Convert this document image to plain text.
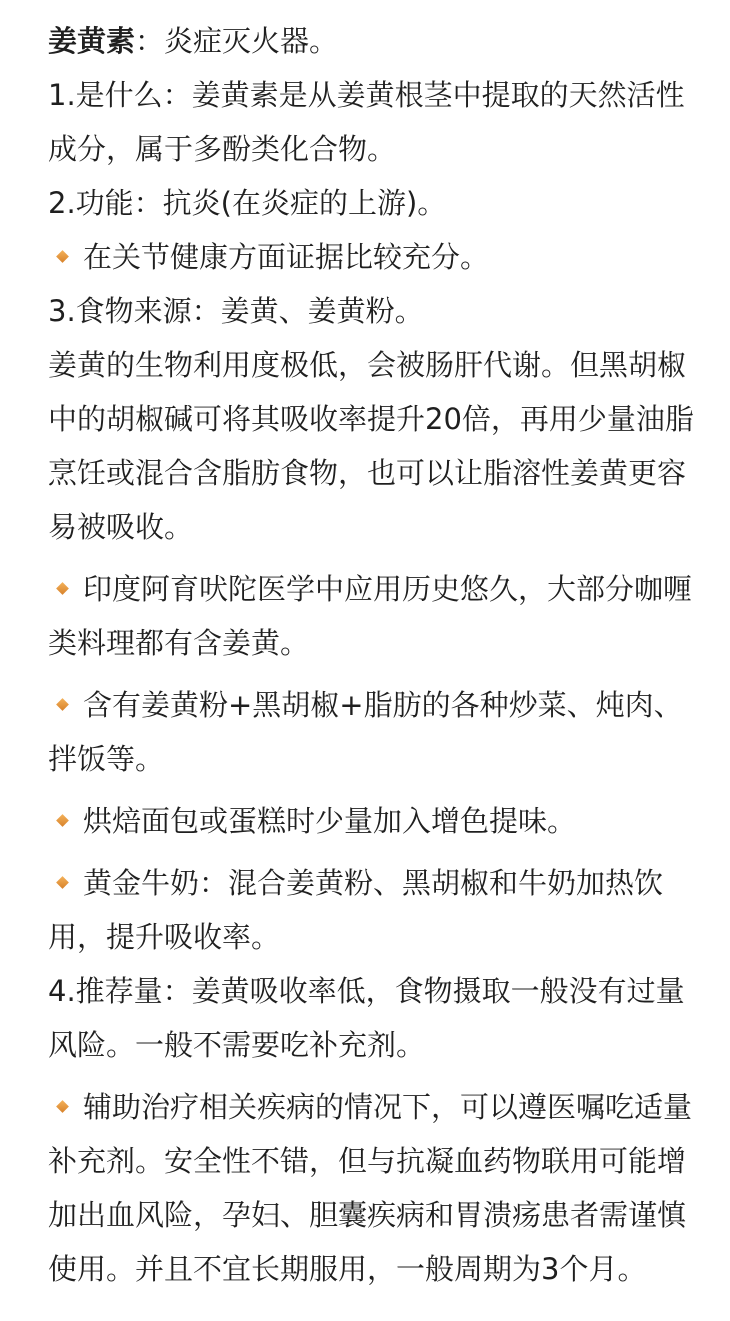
姜黄素：炎症灭火器。

1.是什么：姜黄素是从姜黄根茎中提取的天然活性成分，属于多酚类化合物。

2.功能：抗炎(在炎症的上游)。

在关节健康方面证据比较充分。

3.食物来源：姜黄、姜黄粉。

姜黄的生物利用度极低，会被肠肝代谢。但黑胡椒中的胡椒碱可将其吸收率提升20倍，再用少量油脂烹饪或混合含脂肪食物，也可以让脂溶性姜黄更容易被吸收。

印度阿育吠陀医学中应用历史悠久，大部分咖喱类料理都有含姜黄。

含有姜黄粉+黑胡椒+脂肪的各种炒菜、炖肉、拌饭等。

烘焙面包或蛋糕时少量加入增色提味。

黄金牛奶：混合姜黄粉、黑胡椒和牛奶加热饮用，提升吸收率。

4.推荐量：姜黄吸收率低，食物摄取一般没有过量风险。一般不需要吃补充剂。

辅助治疗相关疾病的情况下，可以遵医嘱吃适量补充剂。安全性不错，但与抗凝血药物联用可能增加出血风险，孕妇、胆囊疾病和胃溃疡患者需谨慎使用。并且不宜长期服用，一般周期为3个月。
